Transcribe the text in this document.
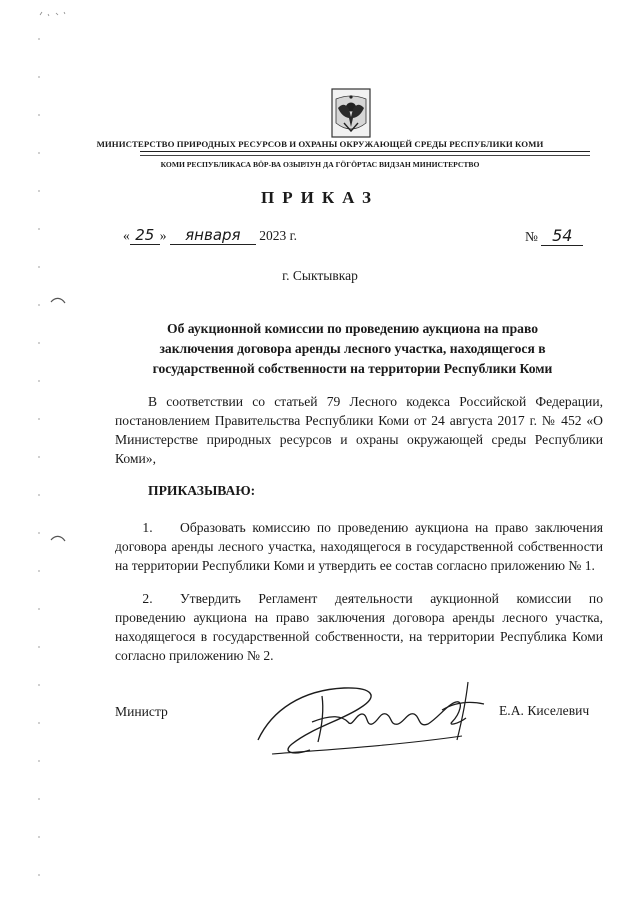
МИНИСТЕРСТВО ПРИРОДНЫХ РЕСУРСОВ И ОХРАНЫ ОКРУЖАЮЩЕЙ СРЕДЫ РЕСПУБЛИКИ КОМИ
КОМИ РЕСПУБЛИКАСА ВӦР-ВА ОЗЫРЛУН ДА ГӦГӦРТАС ВИДЗАН МИНИСТЕРСТВО
ПРИКАЗ
« 25 » января 2023 г.	№ 54
г. Сыктывкар
Об аукционной комиссии по проведению аукциона на право заключения договора аренды лесного участка, находящегося в государственной собственности на территории Республики Коми
В соответствии со статьей 79 Лесного кодекса Российской Федерации, постановлением Правительства Республики Коми от 24 августа 2017 г. № 452 «О Министерстве природных ресурсов и охраны окружающей среды Республики Коми»,
ПРИКАЗЫВАЮ:
1. Образовать комиссию по проведению аукциона на право заключения договора аренды лесного участка, находящегося в государственной собственности на территории Республики Коми и утвердить ее состав согласно приложению № 1.
2. Утвердить Регламент деятельности аукционной комиссии по проведению аукциона на право заключения договора аренды лесного участка, находящегося в государственной собственности, на территории Республика Коми согласно приложению № 2.
Министр	Е.А. Киселевич
